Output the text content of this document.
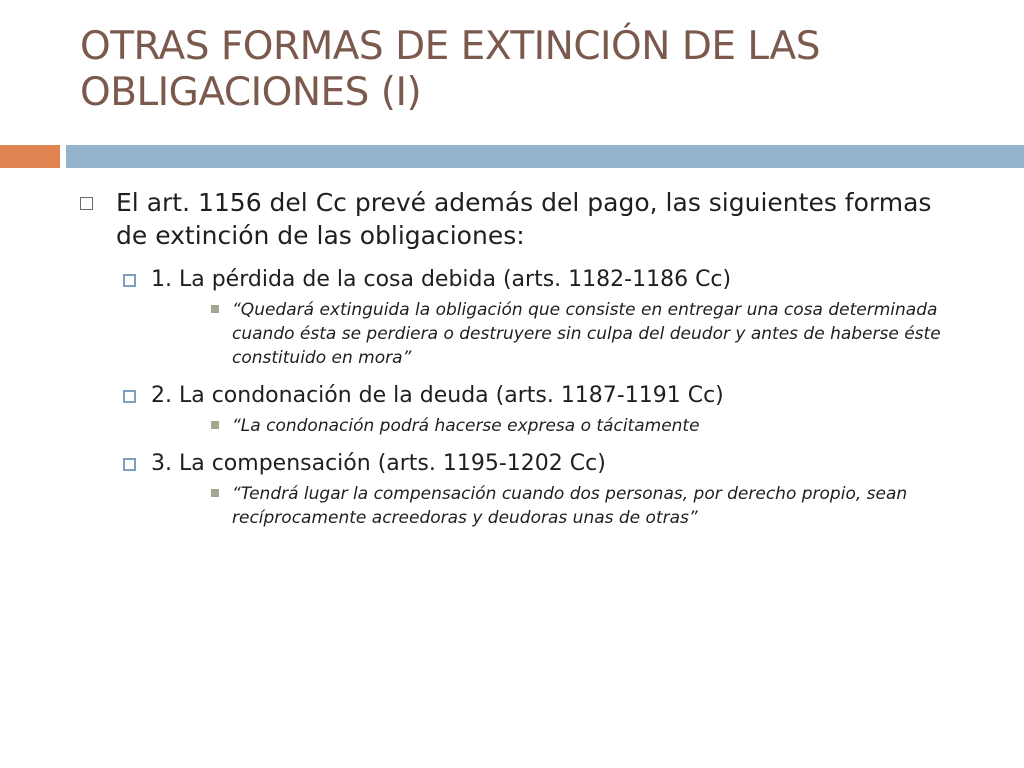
OTRAS FORMAS DE EXTINCIÓN DE LAS
OBLIGACIONES (I)
El art. 1156 del Cc prevé además del pago, las siguientes formas de extinción de las obligaciones:
1. La pérdida de la cosa debida (arts. 1182-1186 Cc)
“Quedará extinguida la obligación que consiste en entregar una cosa determinada cuando ésta se perdiera o destruyere sin culpa del deudor y antes de haberse éste constituido en mora”
2. La condonación de la deuda (arts. 1187-1191 Cc)
“La condonación podrá hacerse expresa o tácitamente
3. La compensación (arts. 1195-1202 Cc)
“Tendrá lugar la compensación cuando dos personas, por derecho propio, sean recíprocamente acreedoras y deudoras unas de otras”
